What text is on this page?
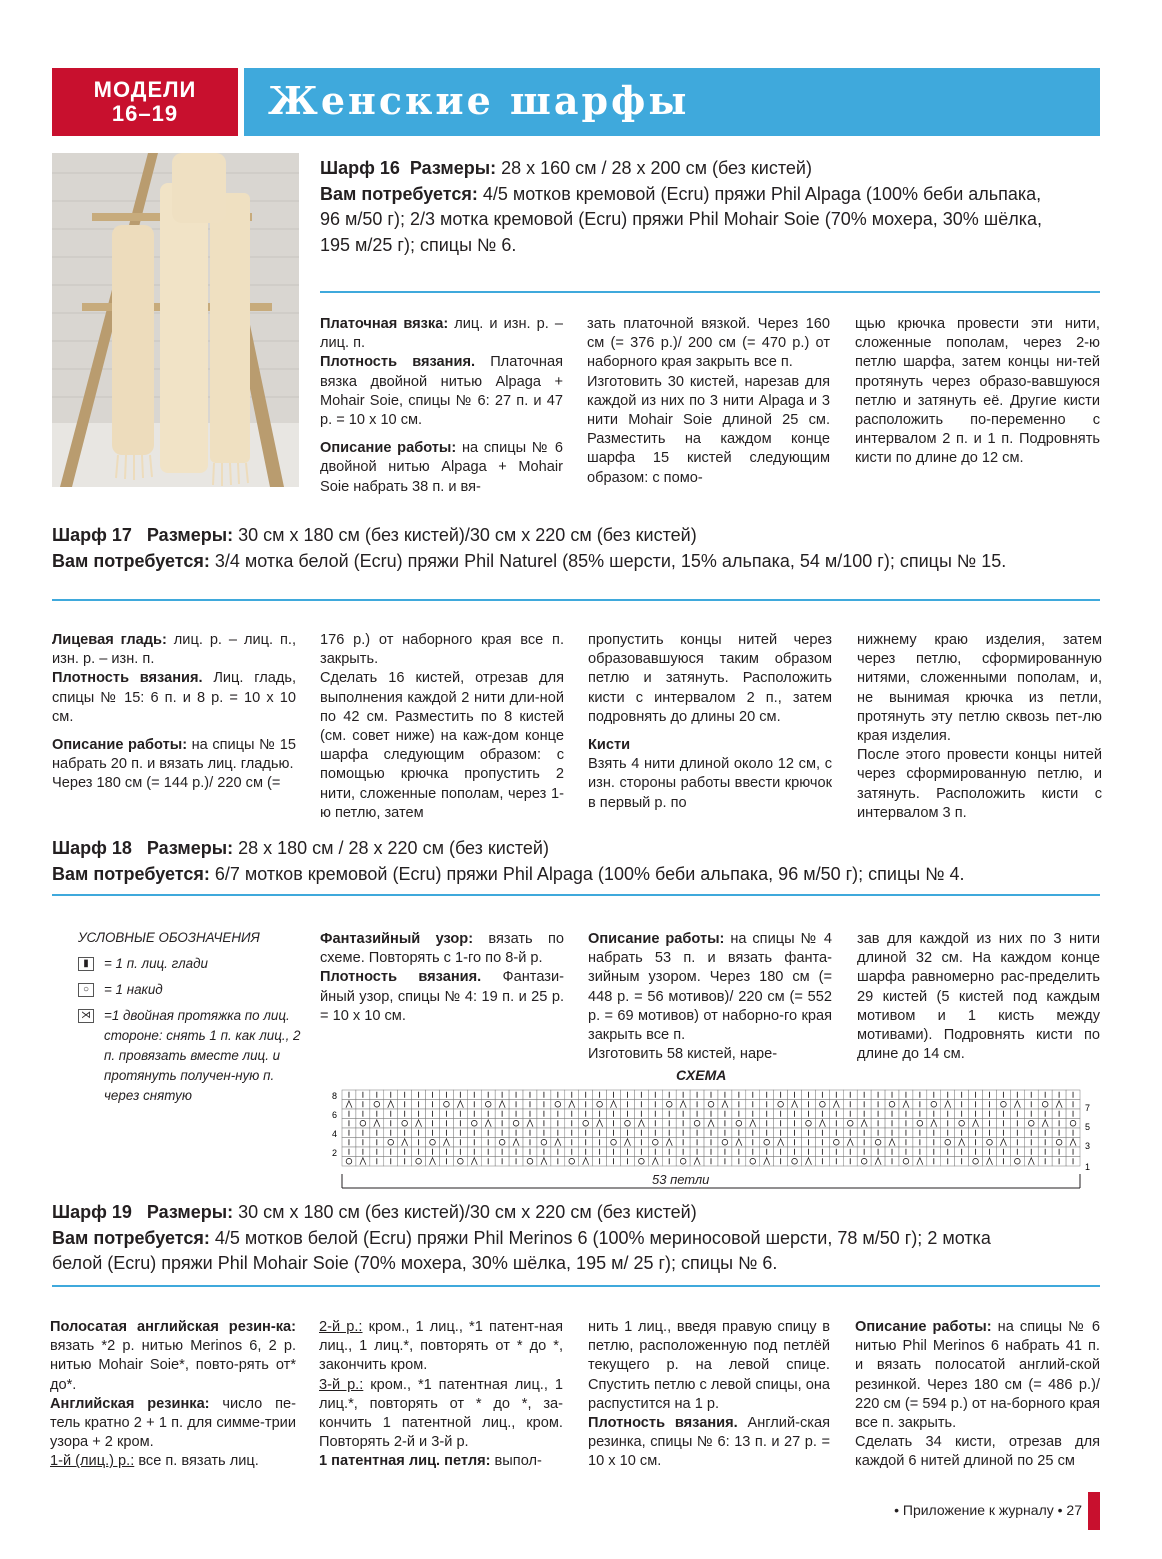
МОДЕЛИ
16–19	Женские шарфы
Шарф 16 Размеры: 28 x 160 см / 28 x 200 см (без кистей)
Вам потребуется: 4/5 мотков кремовой (Ecru) пряжи Phil Alpaga (100% беби альпака,
96 м/50 г); 2/3 мотка кремовой (Ecru) пряжи Phil Mohair Soie (70% мохера, 30% шёлка,
195 м/25 г); спицы № 6.

Платочная вязка: лиц. и изн. р. – лиц. п.

Плотность вязания. Платочная вязка двойной нитью Alpaga + Mohair Soie, спицы № 6: 27 п. и 47 р. = 10 х 10 см.

Описание работы: на спицы № 6 двойной нитью Alpaga + Mohair Soie набрать 38 п. и вя-

зать платочной вязкой. Через 160 см (= 376 р.)/ 200 см (= 470 р.) от наборного края закрыть все п.

Изготовить 30 кистей, нарезав для каждой из них по 3 нити Alpaga и 3 нити Mohair Soie длиной 25 см. Разместить на каждом конце шарфа 15 кистей следующим образом: с помо-

щью крючка провести эти нити, сложенные пополам, через 2-ю петлю шарфа, затем концы ни-тей протянуть через образо-вавшуюся петлю и затянуть её. Другие кисти расположить по-переменно с интервалом 2 п. и 1 п. Подровнять кисти по длине до 12 см.

Шарф 17 Размеры: 30 см x 180 см (без кистей)/30 см x 220 см (без кистей)
Вам потребуется: 3/4 мотка белой (Ecru) пряжи Phil Naturel (85% шерсти, 15% альпака, 54 м/100 г); спицы № 15.

Лицевая гладь: лиц. р. – лиц. п., изн. р. – изн. п.

Плотность вязания. Лиц. гладь, спицы № 15: 6 п. и 8 р. = 10 х 10 см.

Описание работы: на спицы № 15 набрать 20 п. и вязать лиц. гладью.

Через 180 см (= 144 р.)/ 220 см (=

176 р.) от наборного края все п. закрыть.

Сделать 16 кистей, отрезав для выполнения каждой 2 нити дли-ной по 42 см. Разместить по 8 кистей (см. совет ниже) на каж-дом конце шарфа следующим образом: с помощью крючка пропустить 2 нити, сложенные пополам, через 1-ю петлю, затем

пропустить концы нитей через образовавшуюся таким образом петлю и затянуть. Расположить кисти с интервалом 2 п., затем подровнять до длины 20 см.

Кисти

Взять 4 нити длиной около 12 см, с изн. стороны работы ввести крючок в первый р. по

нижнему краю изделия, затем через петлю, сформированную нитями, сложенными пополам, и, не вынимая крючка из петли, протянуть эту петлю сквозь пет-лю края изделия.

После этого провести концы нитей через сформированную петлю, и затянуть. Расположить кисти с интервалом 3 п.

Шарф 18 Размеры: 28 x 180 см / 28 x 220 см (без кистей)
Вам потребуется: 6/7 мотков кремовой (Ecru) пряжи Phil Alpaga (100% беби альпака, 96 м/50 г); спицы № 4.
УСЛОВНЫЕ ОБОЗНАЧЕНИЯ
▮	= 1 п. лиц. глади
○	= 1 накид
⋊ =1 двойная протяжка по лиц. стороне: снять 1 п. как лиц., 2 п. провязать вместе лиц. и протянуть получен-ную п. через снятую

Фантазийный узор: вязать по схеме. Повторять с 1-го по 8-й р.

Плотность вязания. Фантази-йный узор, спицы № 4: 19 п. и 25 р. = 10 х 10 см.

Описание работы: на спицы № 4 набрать 53 п. и вязать фанта-зийным узором. Через 180 см (= 448 р. = 56 мотивов)/ 220 см (= 552 р. = 69 мотивов) от наборно-го края закрыть все п.

Изготовить 58 кистей, наре-

зав для каждой из них по 3 нити длиной 32 см. На каждом конце шарфа равномерно рас-пределить 29 кистей (5 кистей под каждым мотивом и 1 кисть между мотивами). Подровнять кисти по длине до 14 см.

СХЕМА
8
6
4
2
7
5
3
1
53 петли
Шарф 19 Размеры: 30 см x 180 см (без кистей)/30 см x 220 см (без кистей)
Вам потребуется: 4/5 мотков белой (Ecru) пряжи Phil Merinos 6 (100% мериносовой шерсти, 78 м/50 г); 2 мотка
белой (Ecru) пряжи Phil Mohair Soie (70% мохера, 30% шёлка, 195 м/ 25 г); спицы № 6.

Полосатая английская резин-ка: вязать *2 р. нитью Merinos 6, 2 р. нитью Mohair Soie*, повто-рять от* до*.

Английская резинка: число пе-тель кратно 2 + 1 п. для симме-трии узора + 2 кром.

1-й (лиц.) р.: все п. вязать лиц.

2-й р.: кром., 1 лиц., *1 патент-ная лиц., 1 лиц.*, повторять от * до *, закончить кром.

3-й р.: кром., *1 патентная лиц., 1 лиц.*, повторять от * до *, за-кончить 1 патентной лиц., кром. Повторять 2-й и 3-й р.

1 патентная лиц. петля: выпол-

нить 1 лиц., введя правую спицу в петлю, расположенную под петлёй текущего р. на левой спице. Спустить петлю с левой спицы, она распустится на 1 р.

Плотность вязания. Англий-ская резинка, спицы № 6: 13 п. и 27 р. = 10 х 10 см.

Описание работы: на спицы № 6 нитью Phil Merinos 6 набрать 41 п. и вязать полосатой англий-ской резинкой. Через 180 см (= 486 р.)/ 220 см (= 594 р.) от на-борного края все п. закрыть.

Сделать 34 кисти, отрезав для каждой 6 нитей длиной по 25 см

• Приложение к журналу • 27
